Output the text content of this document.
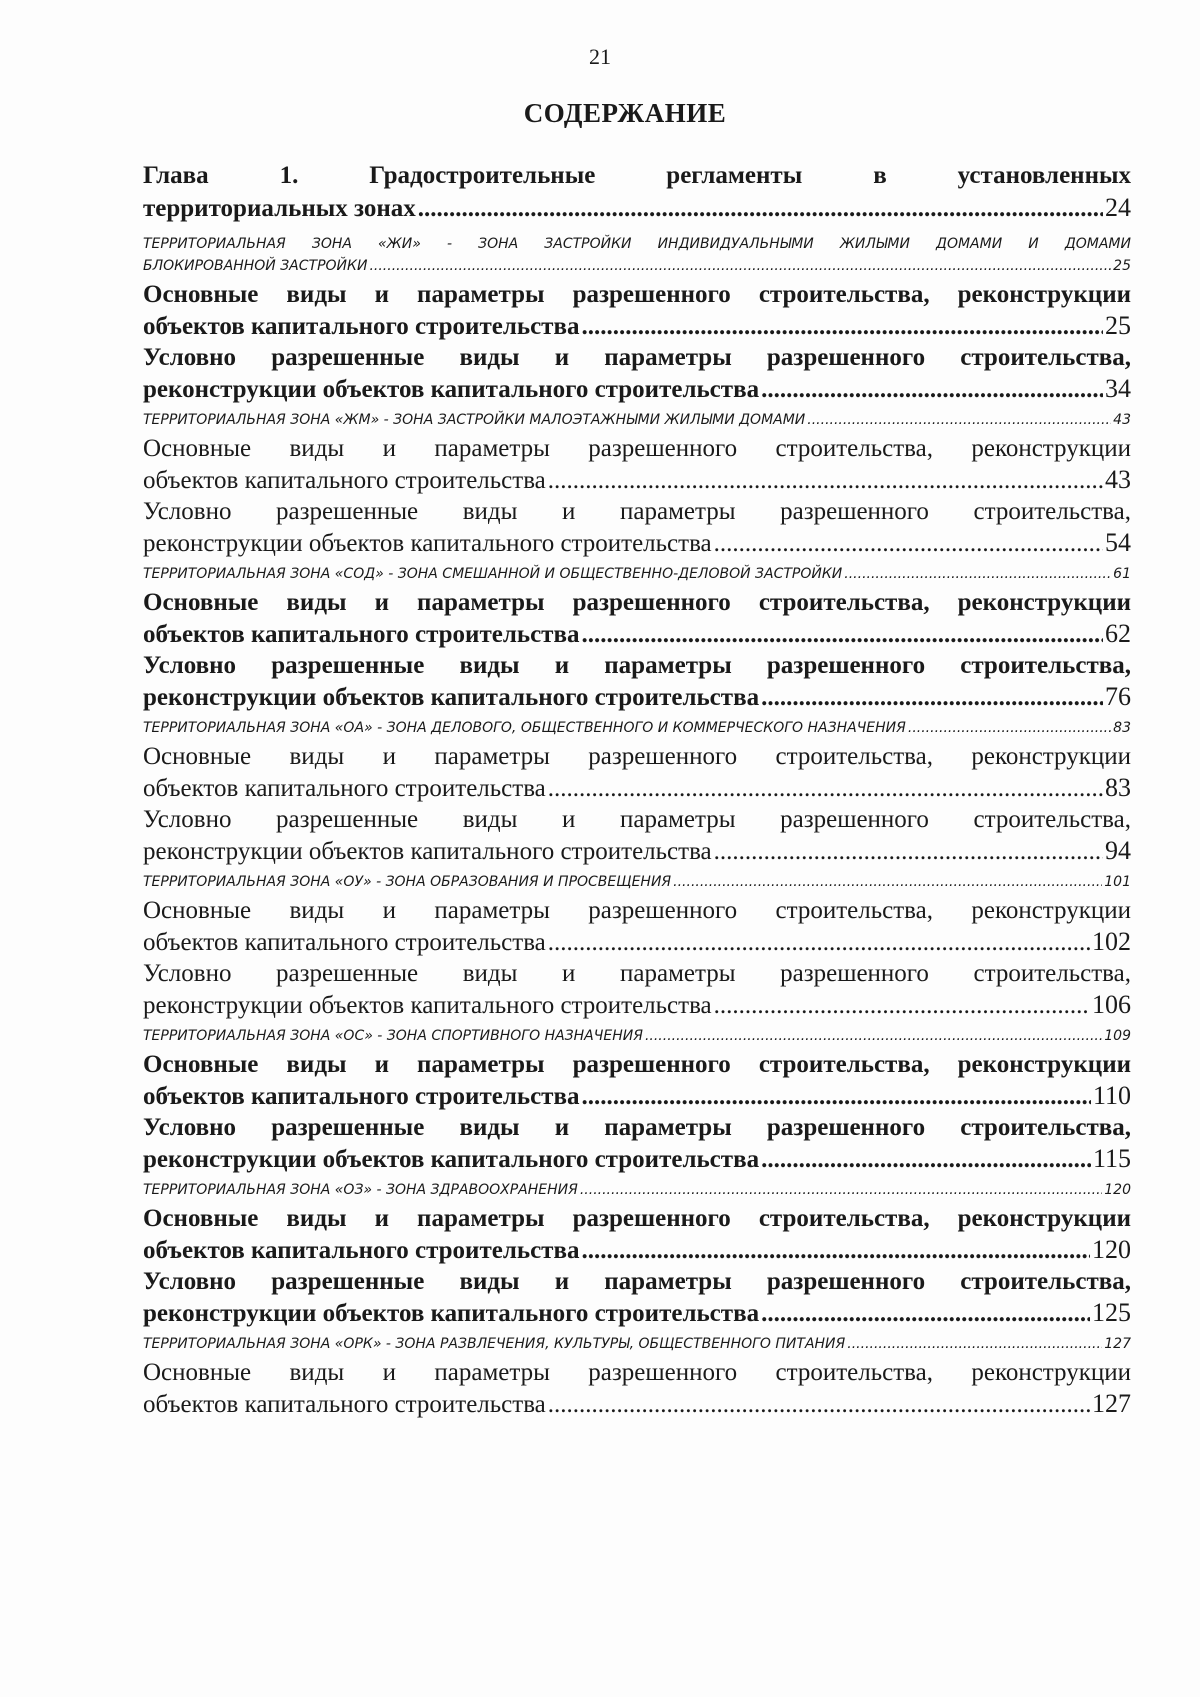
21
СОДЕРЖАНИЕ
Глава 1. Градостроительные регламенты в установленных
территориальных зонах .....	24
ТЕРРИТОРИАЛЬНАЯ ЗОНА «ЖИ» - ЗОНА ЗАСТРОЙКИ ИНДИВИДУАЛЬНЫМИ ЖИЛЫМИ ДОМАМИ И ДОМАМИ
БЛОКИРОВАННОЙ ЗАСТРОЙКИ .....	25
Основные виды и параметры разрешенного строительства, реконструкции
объектов капитального строительства .....	25
Условно разрешенные виды и параметры разрешенного строительства,
реконструкции объектов капитального строительства .....	34
ТЕРРИТОРИАЛЬНАЯ ЗОНА «ЖМ» - ЗОНА ЗАСТРОЙКИ МАЛОЭТАЖНЫМИ ЖИЛЫМИ ДОМАМИ .....	43
Основные виды и параметры разрешенного строительства, реконструкции
объектов капитального строительства .....	43
Условно разрешенные виды и параметры разрешенного строительства,
реконструкции объектов капитального строительства .....	54
ТЕРРИТОРИАЛЬНАЯ ЗОНА «СОД» - ЗОНА СМЕШАННОЙ И ОБЩЕСТВЕННО-ДЕЛОВОЙ ЗАСТРОЙКИ .....	61
Основные виды и параметры разрешенного строительства, реконструкции
объектов капитального строительства .....	62
Условно разрешенные виды и параметры разрешенного строительства,
реконструкции объектов капитального строительства .....	76
ТЕРРИТОРИАЛЬНАЯ ЗОНА «ОА» - ЗОНА ДЕЛОВОГО, ОБЩЕСТВЕННОГО И КОММЕРЧЕСКОГО НАЗНАЧЕНИЯ .....	83
Основные виды и параметры разрешенного строительства, реконструкции
объектов капитального строительства .....	83
Условно разрешенные виды и параметры разрешенного строительства,
реконструкции объектов капитального строительства .....	94
ТЕРРИТОРИАЛЬНАЯ ЗОНА «ОУ» - ЗОНА ОБРАЗОВАНИЯ И ПРОСВЕЩЕНИЯ .....	101
Основные виды и параметры разрешенного строительства, реконструкции
объектов капитального строительства .....	102
Условно разрешенные виды и параметры разрешенного строительства,
реконструкции объектов капитального строительства .....	106
ТЕРРИТОРИАЛЬНАЯ ЗОНА «ОС» - ЗОНА СПОРТИВНОГО НАЗНАЧЕНИЯ .....	109
Основные виды и параметры разрешенного строительства, реконструкции
объектов капитального строительства .....	110
Условно разрешенные виды и параметры разрешенного строительства,
реконструкции объектов капитального строительства .....	115
ТЕРРИТОРИАЛЬНАЯ ЗОНА «ОЗ» - ЗОНА ЗДРАВООХРАНЕНИЯ .....	120
Основные виды и параметры разрешенного строительства, реконструкции
объектов капитального строительства .....	120
Условно разрешенные виды и параметры разрешенного строительства,
реконструкции объектов капитального строительства .....	125
ТЕРРИТОРИАЛЬНАЯ ЗОНА «ОРК» - ЗОНА РАЗВЛЕЧЕНИЯ, КУЛЬТУРЫ, ОБЩЕСТВЕННОГО ПИТАНИЯ .....	127
Основные виды и параметры разрешенного строительства, реконструкции
объектов капитального строительства .....	127
